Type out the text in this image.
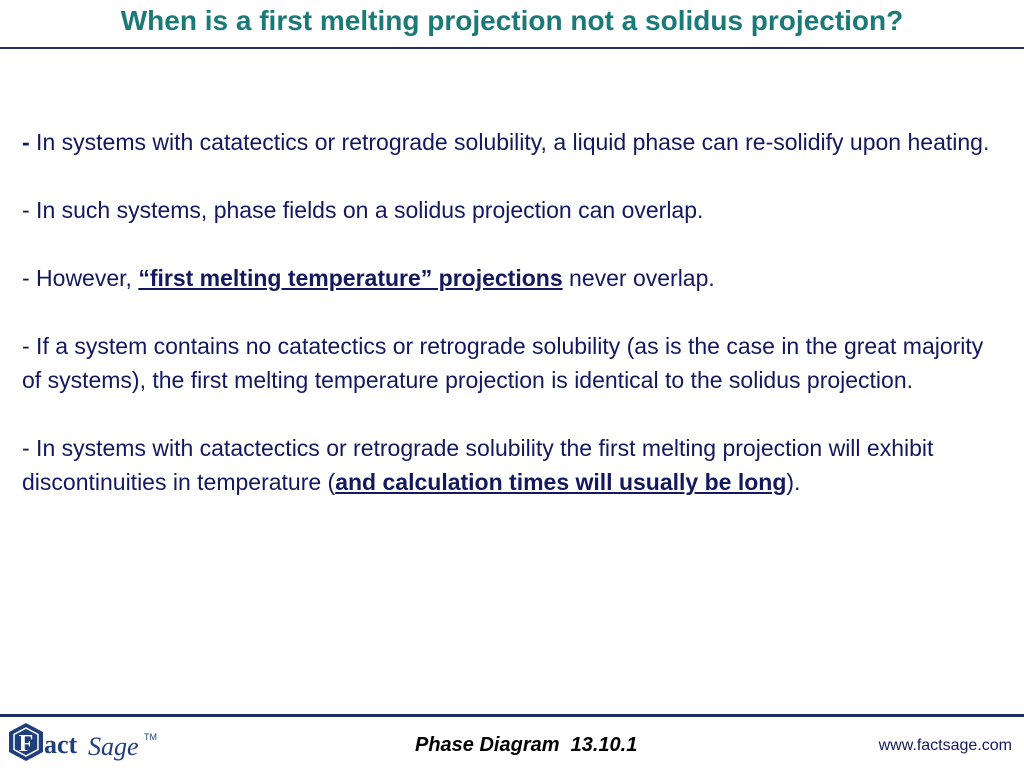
When is a first melting projection not a solidus projection?

- In systems with catatectics or retrograde solubility, a liquid phase can re-solidify upon heating.

- In such systems, phase fields on a solidus projection can overlap.

- However, “first melting temperature” projections never overlap.

- If a system contains no catatectics or retrograde solubility (as is the case in the great majority of systems), the first melting temperature projection is identical to the solidus projection.

- In systems with catactectics or retrograde solubility the first melting projection will exhibit discontinuities in temperature (and calculation times will usually be long).

F act Sage TM	Phase Diagram  13.10.1	www.factsage.com
